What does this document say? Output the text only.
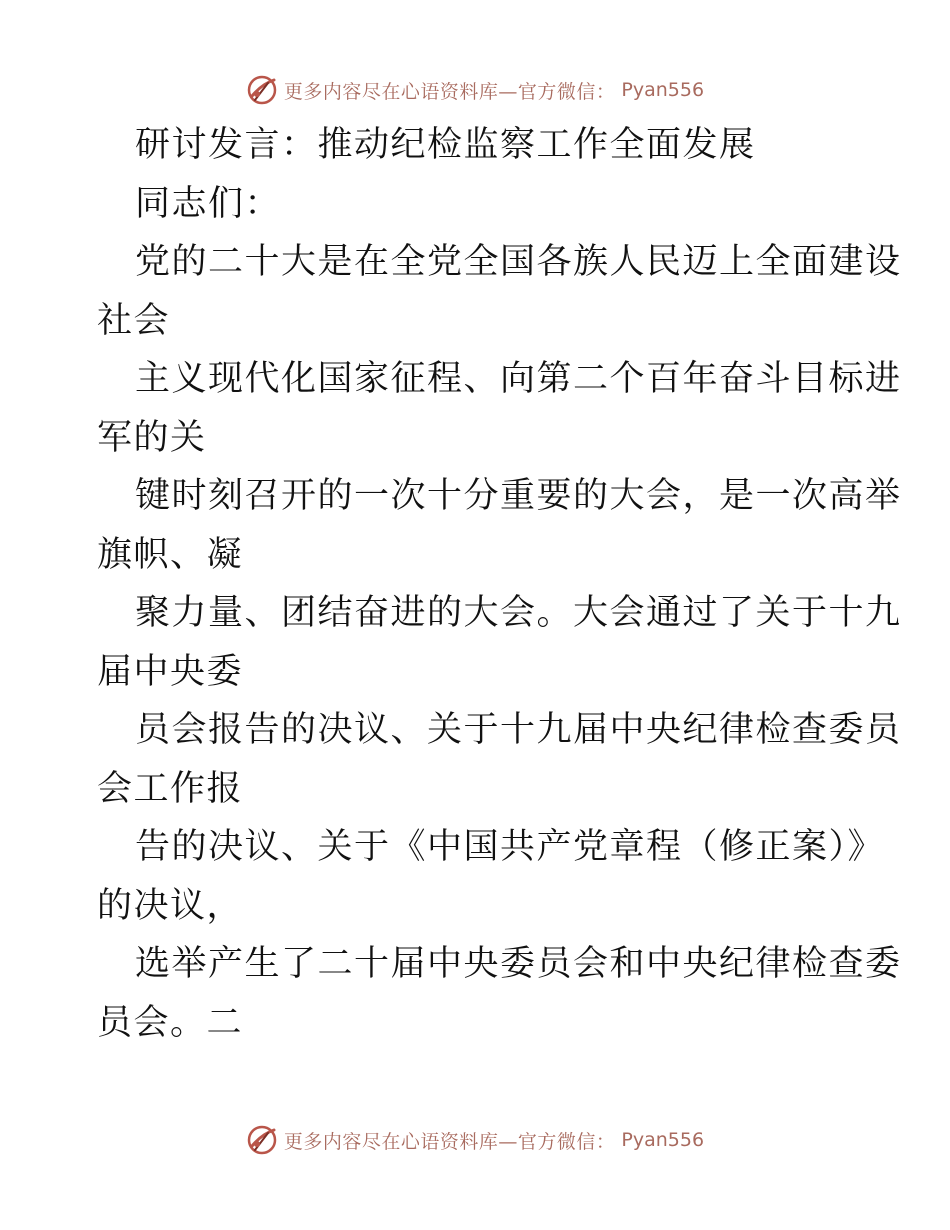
更多内容尽在心语资料库—官方微信： Pyan556
研讨发言：推动纪检监察工作全面发展
同志们：
党的二十大是在全党全国各族人民迈上全面建设
社会
主义现代化国家征程、向第二个百年奋斗目标进
军的关
键时刻召开的一次十分重要的大会，是一次高举
旗帜、凝
聚力量、团结奋进的大会。大会通过了关于十九
届中央委
员会报告的决议、关于十九届中央纪律检查委员
会工作报
告的决议、关于《中国共产党章程（修正案）》
的决议，
选举产生了二十届中央委员会和中央纪律检查委
员会。二
更多内容尽在心语资料库—官方微信： Pyan556
